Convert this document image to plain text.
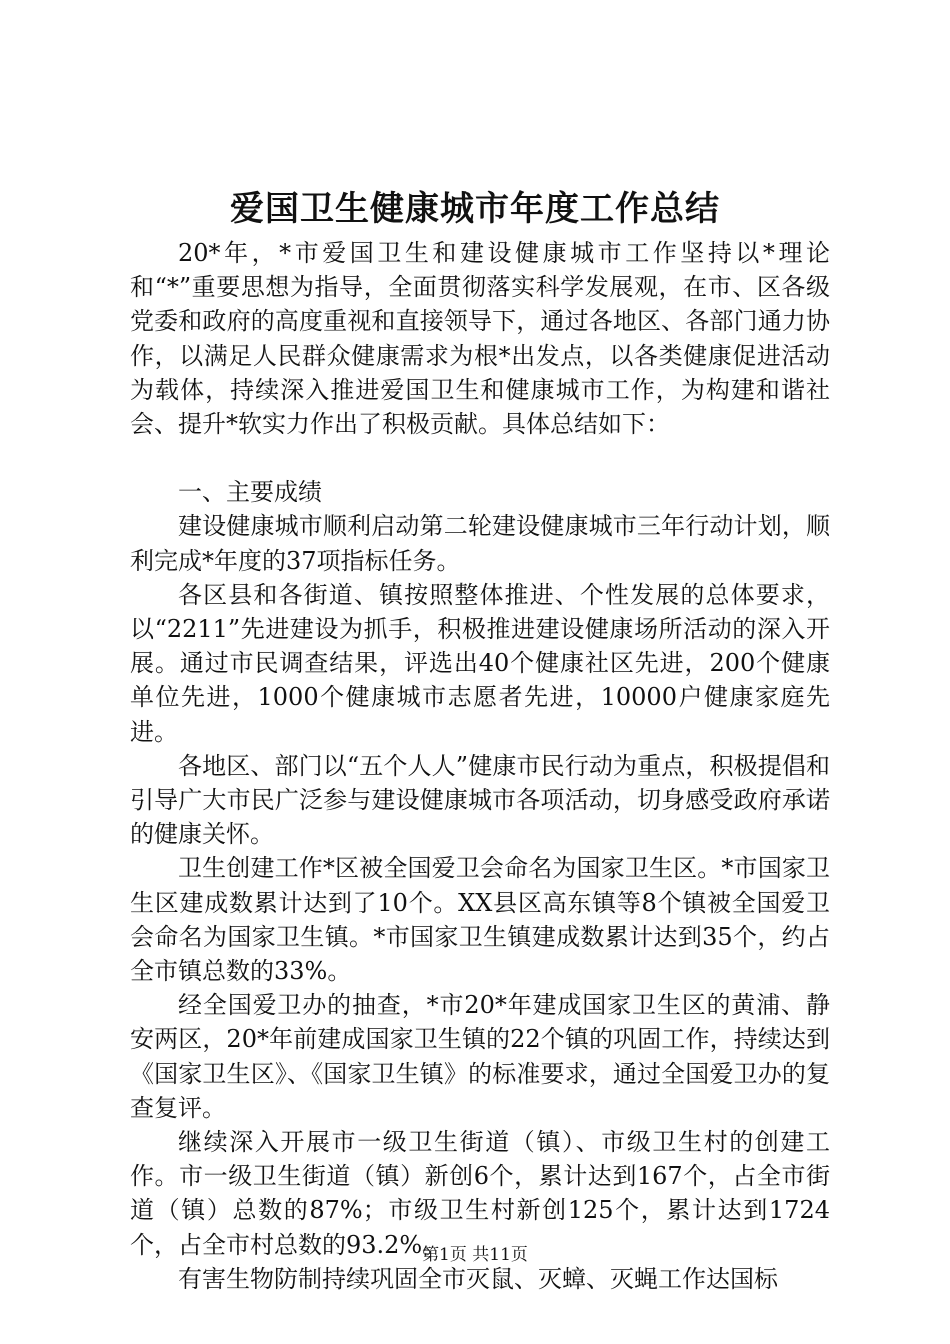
爱国卫生健康城市年度工作总结

20*年，*市爱国卫生和建设健康城市工作坚持以*理论和“*”重要思想为指导，全面贯彻落实科学发展观，在市、区各级党委和政府的高度重视和直接领导下，通过各地区、各部门通力协作，以满足人民群众健康需求为根*出发点，以各类健康促进活动为载体，持续深入推进爱国卫生和健康城市工作，为构建和谐社会、提升*软实力作出了积极贡献。具体总结如下：

一、主要成绩

建设健康城市顺利启动第二轮建设健康城市三年行动计划，顺利完成*年度的37项指标任务。

各区县和各街道、镇按照整体推进、个性发展的总体要求，以“2211”先进建设为抓手，积极推进建设健康场所活动的深入开展。通过市民调查结果，评选出40个健康社区先进，200个健康单位先进，1000个健康城市志愿者先进，10000户健康家庭先进。

各地区、部门以“五个人人”健康市民行动为重点，积极提倡和引导广大市民广泛参与建设健康城市各项活动，切身感受政府承诺的健康关怀。

卫生创建工作*区被全国爱卫会命名为国家卫生区。*市国家卫生区建成数累计达到了10个。XX县区高东镇等8个镇被全国爱卫会命名为国家卫生镇。*市国家卫生镇建成数累计达到35个，约占全市镇总数的33%。

经全国爱卫办的抽查，*市20*年建成国家卫生区的黄浦、静安两区，20*年前建成国家卫生镇的22个镇的巩固工作，持续达到《国家卫生区》、《国家卫生镇》的标准要求，通过全国爱卫办的复查复评。

继续深入开展市一级卫生街道（镇）、市级卫生村的创建工作。市一级卫生街道（镇）新创6个，累计达到167个，占全市街道（镇）总数的87%；市级卫生村新创125个，累计达到1724个，占全市村总数的93.2%。

有害生物防制持续巩固全市灭鼠、灭蟑、灭蝇工作达国标

第1页 共11页
